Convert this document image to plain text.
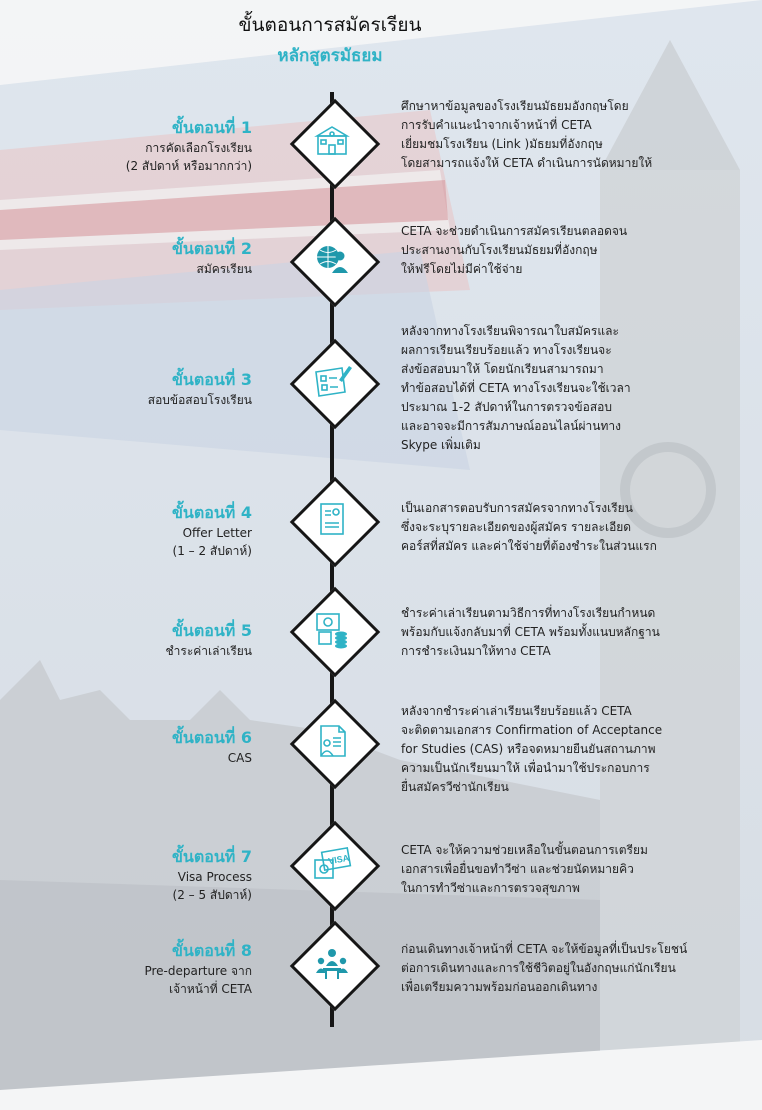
ขั้นตอนการสมัครเรียน
หลักสูตรมัธยม
ขั้นตอนที่ 1
การคัดเลือกโรงเรียน
(2 สัปดาห์ หรือมากกว่า)
ศึกษาหาข้อมูลของโรงเรียนมัธยมอังกฤษโดย
การรับคำแนะนำจากเจ้าหน้าที่ CETA
เยี่ยมชมโรงเรียน (Link )มัธยมที่อังกฤษ
โดยสามารถแจ้งให้ CETA ดำเนินการนัดหมายให้
ขั้นตอนที่ 2
สมัครเรียน
CETA จะช่วยดำเนินการสมัครเรียนตลอดจน
ประสานงานกับโรงเรียนมัธยมที่อังกฤษ
ให้ฟรีโดยไม่มีค่าใช้จ่าย
ขั้นตอนที่ 3
สอบข้อสอบโรงเรียน
หลังจากทางโรงเรียนพิจารณาใบสมัครและ
ผลการเรียนเรียบร้อยแล้ว ทางโรงเรียนจะ
ส่งข้อสอบมาให้ โดยนักเรียนสามารถมา
ทำข้อสอบได้ที่ CETA ทางโรงเรียนจะใช้เวลา
ประมาณ 1-2 สัปดาห์ในการตรวจข้อสอบ
และอาจจะมีการสัมภาษณ์ออนไลน์ผ่านทาง
Skype เพิ่มเติม
ขั้นตอนที่ 4
Offer Letter
(1 – 2 สัปดาห์)
เป็นเอกสารตอบรับการสมัครจากทางโรงเรียน
ซึ่งจะระบุรายละเอียดของผู้สมัคร รายละเอียด
คอร์สที่สมัคร และค่าใช้จ่ายที่ต้องชำระในส่วนแรก
ขั้นตอนที่ 5
ชำระค่าเล่าเรียน
ชำระค่าเล่าเรียนตามวิธีการที่ทางโรงเรียนกำหนด
พร้อมกับแจ้งกลับมาที่ CETA พร้อมทั้งแนบหลักฐาน
การชำระเงินมาให้ทาง CETA
ขั้นตอนที่ 6
CAS
หลังจากชำระค่าเล่าเรียนเรียบร้อยแล้ว CETA
จะติดตามเอกสาร Confirmation of Acceptance
for Studies (CAS) หรือจดหมายยืนยันสถานภาพ
ความเป็นนักเรียนมาให้ เพื่อนำมาใช้ประกอบการ
ยื่นสมัครวีซ่านักเรียน
ขั้นตอนที่ 7
Visa Process
(2 – 5 สัปดาห์)
VISA
CETA จะให้ความช่วยเหลือในขั้นตอนการเตรียม
เอกสารเพื่อยื่นขอทำวีซ่า และช่วยนัดหมายคิว
ในการทำวีซ่าและการตรวจสุขภาพ
ขั้นตอนที่ 8
Pre-departure จาก
เจ้าหน้าที่ CETA
ก่อนเดินทางเจ้าหน้าที่ CETA จะให้ข้อมูลที่เป็นประโยชน์
ต่อการเดินทางและการใช้ชีวิตอยู่ในอังกฤษแก่นักเรียน
เพื่อเตรียมความพร้อมก่อนออกเดินทาง
